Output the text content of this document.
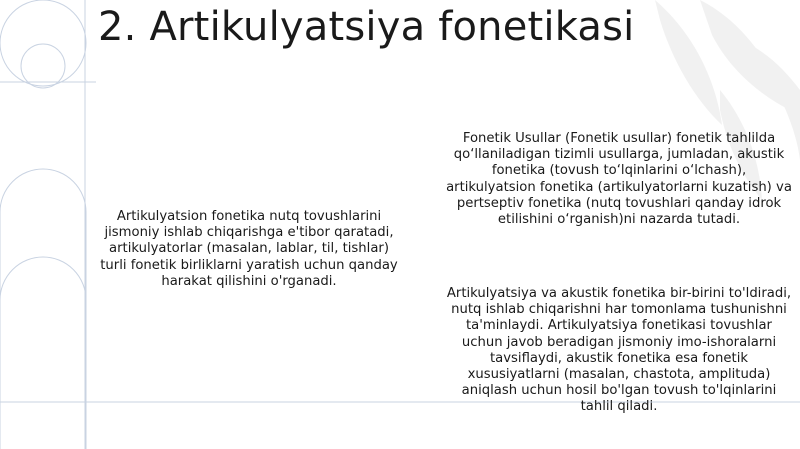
2. Artikulyatsiya fonetikasi

Artikulyatsion fonetika nutq tovushlarini jismoniy ishlab chiqarishga e'tibor qaratadi, artikulyatorlar (masalan, lablar, til, tishlar) turli fonetik birliklarni yaratish uchun qanday harakat qilishini o'rganadi.

Fonetik Usullar (Fonetik usullar) fonetik tahlilda qo‘llaniladigan tizimli usullarga, jumladan, akustik fonetika (tovush to‘lqinlarini o‘lchash), artikulyatsion fonetika (artikulyatorlarni kuzatish) va pertseptiv fonetika (nutq tovushlari qanday idrok etilishini o‘rganish)ni nazarda tutadi.

Artikulyatsiya va akustik fonetika bir-birini to'ldiradi, nutq ishlab chiqarishni har tomonlama tushunishni ta'minlaydi. Artikulyatsiya fonetikasi tovushlar uchun javob beradigan jismoniy imo-ishoralarni tavsiflaydi, akustik fonetika esa fonetik xususiyatlarni (masalan, chastota, amplituda) aniqlash uchun hosil bo'lgan tovush to'lqinlarini tahlil qiladi.
